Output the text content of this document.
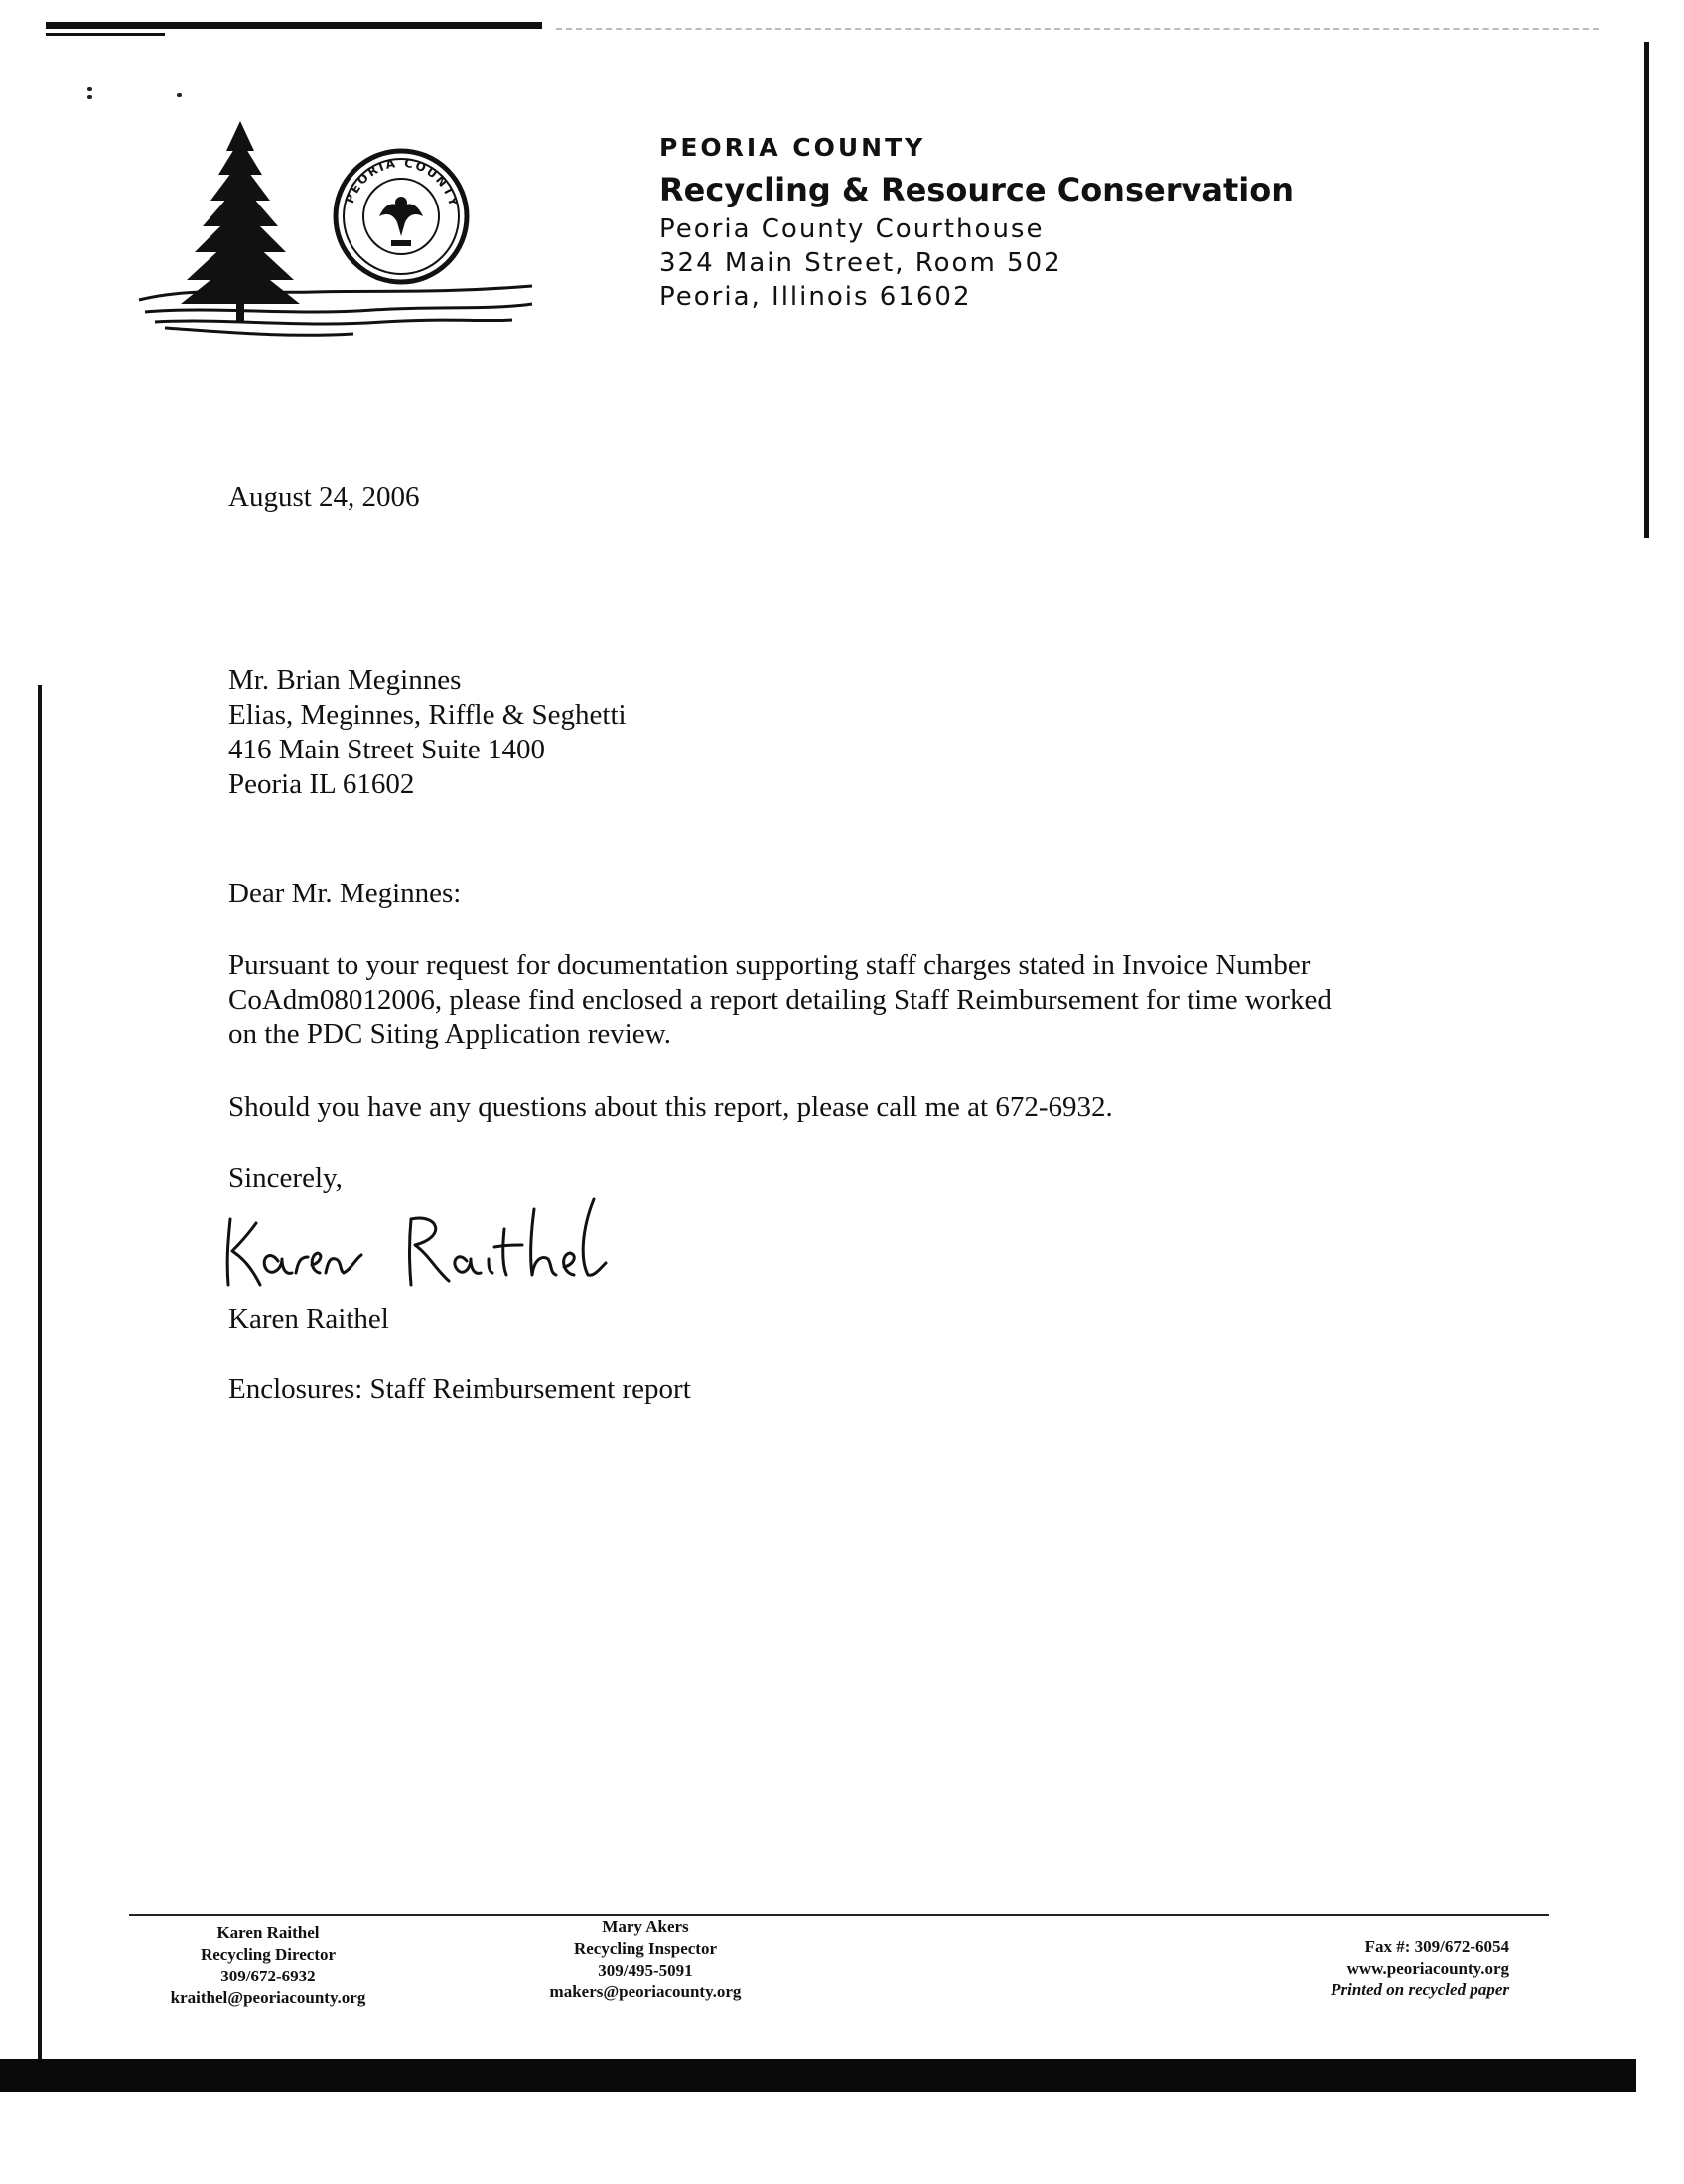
PEORIA COUNTY
PEORIA COUNTY
Recycling & Resource Conservation
Peoria County Courthouse
324 Main Street, Room 502
Peoria, Illinois 61602
August 24, 2006
Mr. Brian Meginnes
Elias, Meginnes, Riffle & Seghetti
416 Main Street Suite 1400
Peoria IL 61602
Dear Mr. Meginnes:
Pursuant to your request for documentation supporting staff charges stated in Invoice Number
CoAdm08012006, please find enclosed a report detailing Staff Reimbursement for time worked
on the PDC Siting Application review.
Should you have any questions about this report, please call me at 672-6932.
Sincerely,
Karen Raithel
Enclosures: Staff Reimbursement report
Karen Raithel
Recycling Director
309/672-6932
kraithel@peoriacounty.org
Mary Akers
Recycling Inspector
309/495-5091
makers@peoriacounty.org
Fax #: 309/672-6054
www.peoriacounty.org
Printed on recycled paper
